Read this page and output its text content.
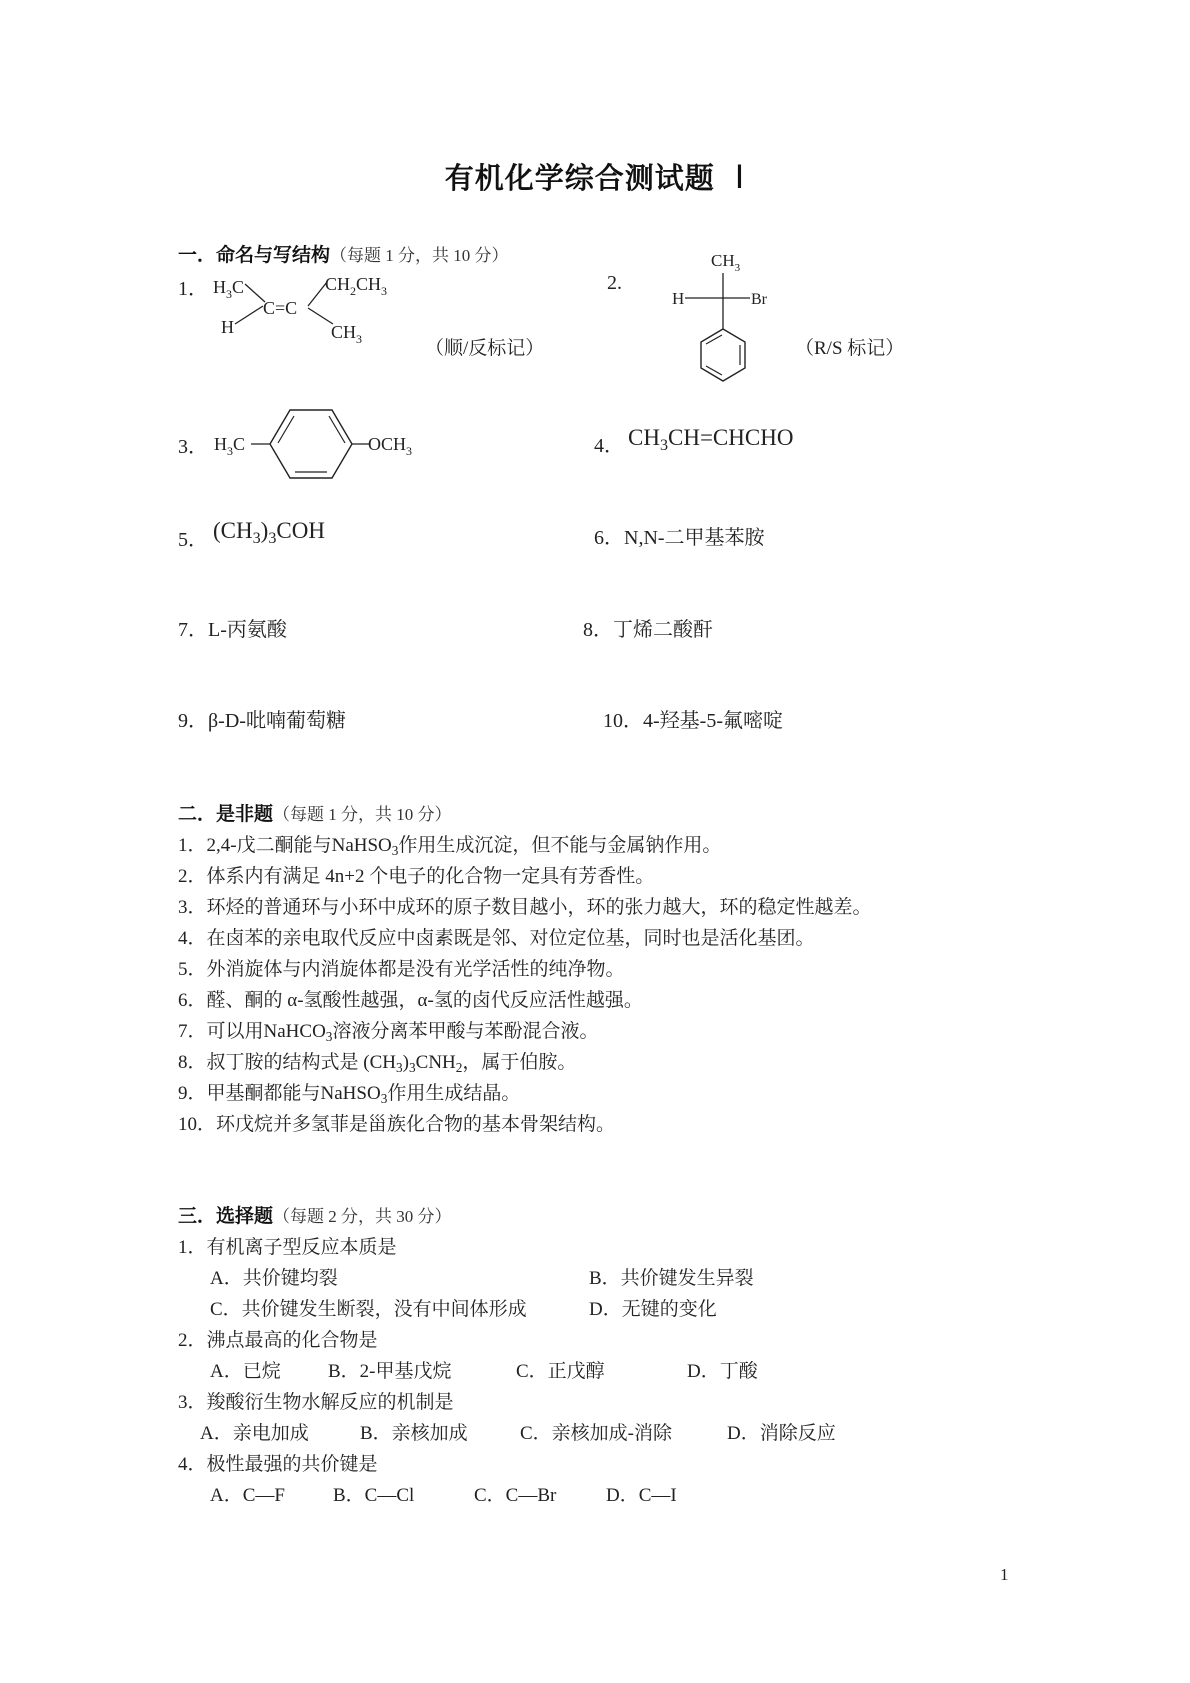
有机化学综合测试题 Ⅰ
一．命名与写结构（每题 1 分，共 10 分）
1． $H_3C$
H
C=C
$CH_2CH_3$
$CH_3$	（顺/反标记）
2.
$CH_3$
H	Br
（R/S 标记）
3． $H_3C$	$OCH_3$	4． $CH_3CH=CHCHO$
5． $(CH_3)_3COH$	6．N,N-二甲基苯胺
7．L-丙氨酸	8．丁烯二酸酐
9．β-D-吡喃葡萄糖	10．4-羟基-5-氟嘧啶
二．是非题（每题 1 分，共 10 分）
1．2,4-戊二酮能与NaHSO$_3$作用生成沉淀，但不能与金属钠作用。
2．体系内有满足 4n+2 个电子的化合物一定具有芳香性。
3．环烃的普通环与小环中成环的原子数目越小，环的张力越大，环的稳定性越差。
4．在卤苯的亲电取代反应中卤素既是邻、对位定位基，同时也是活化基团。
5．外消旋体与内消旋体都是没有光学活性的纯净物。
6．醛、酮的 α-氢酸性越强，α-氢的卤代反应活性越强。
7．可以用NaHCO$_3$溶液分离苯甲酸与苯酚混合液。
8．叔丁胺的结构式是 $(CH_3)_3CNH_2$，属于伯胺。
9．甲基酮都能与NaHSO$_3$作用生成结晶。
10．环戊烷并多氢菲是甾族化合物的基本骨架结构。
三．选择题（每题 2 分，共 30 分）
1．有机离子型反应本质是
A．共价键均裂	B．共价键发生异裂
C．共价键发生断裂，没有中间体形成	D．无键的变化
2．沸点最高的化合物是
A．已烷 B．2-甲基戊烷	C．正戊醇	D．丁酸
3．羧酸衍生物水解反应的机制是
A．亲电加成	B．亲核加成	C．亲核加成-消除	D．消除反应
4．极性最强的共价键是
A．C—F	B．C—Cl	C．C—Br	D．C—I
1
